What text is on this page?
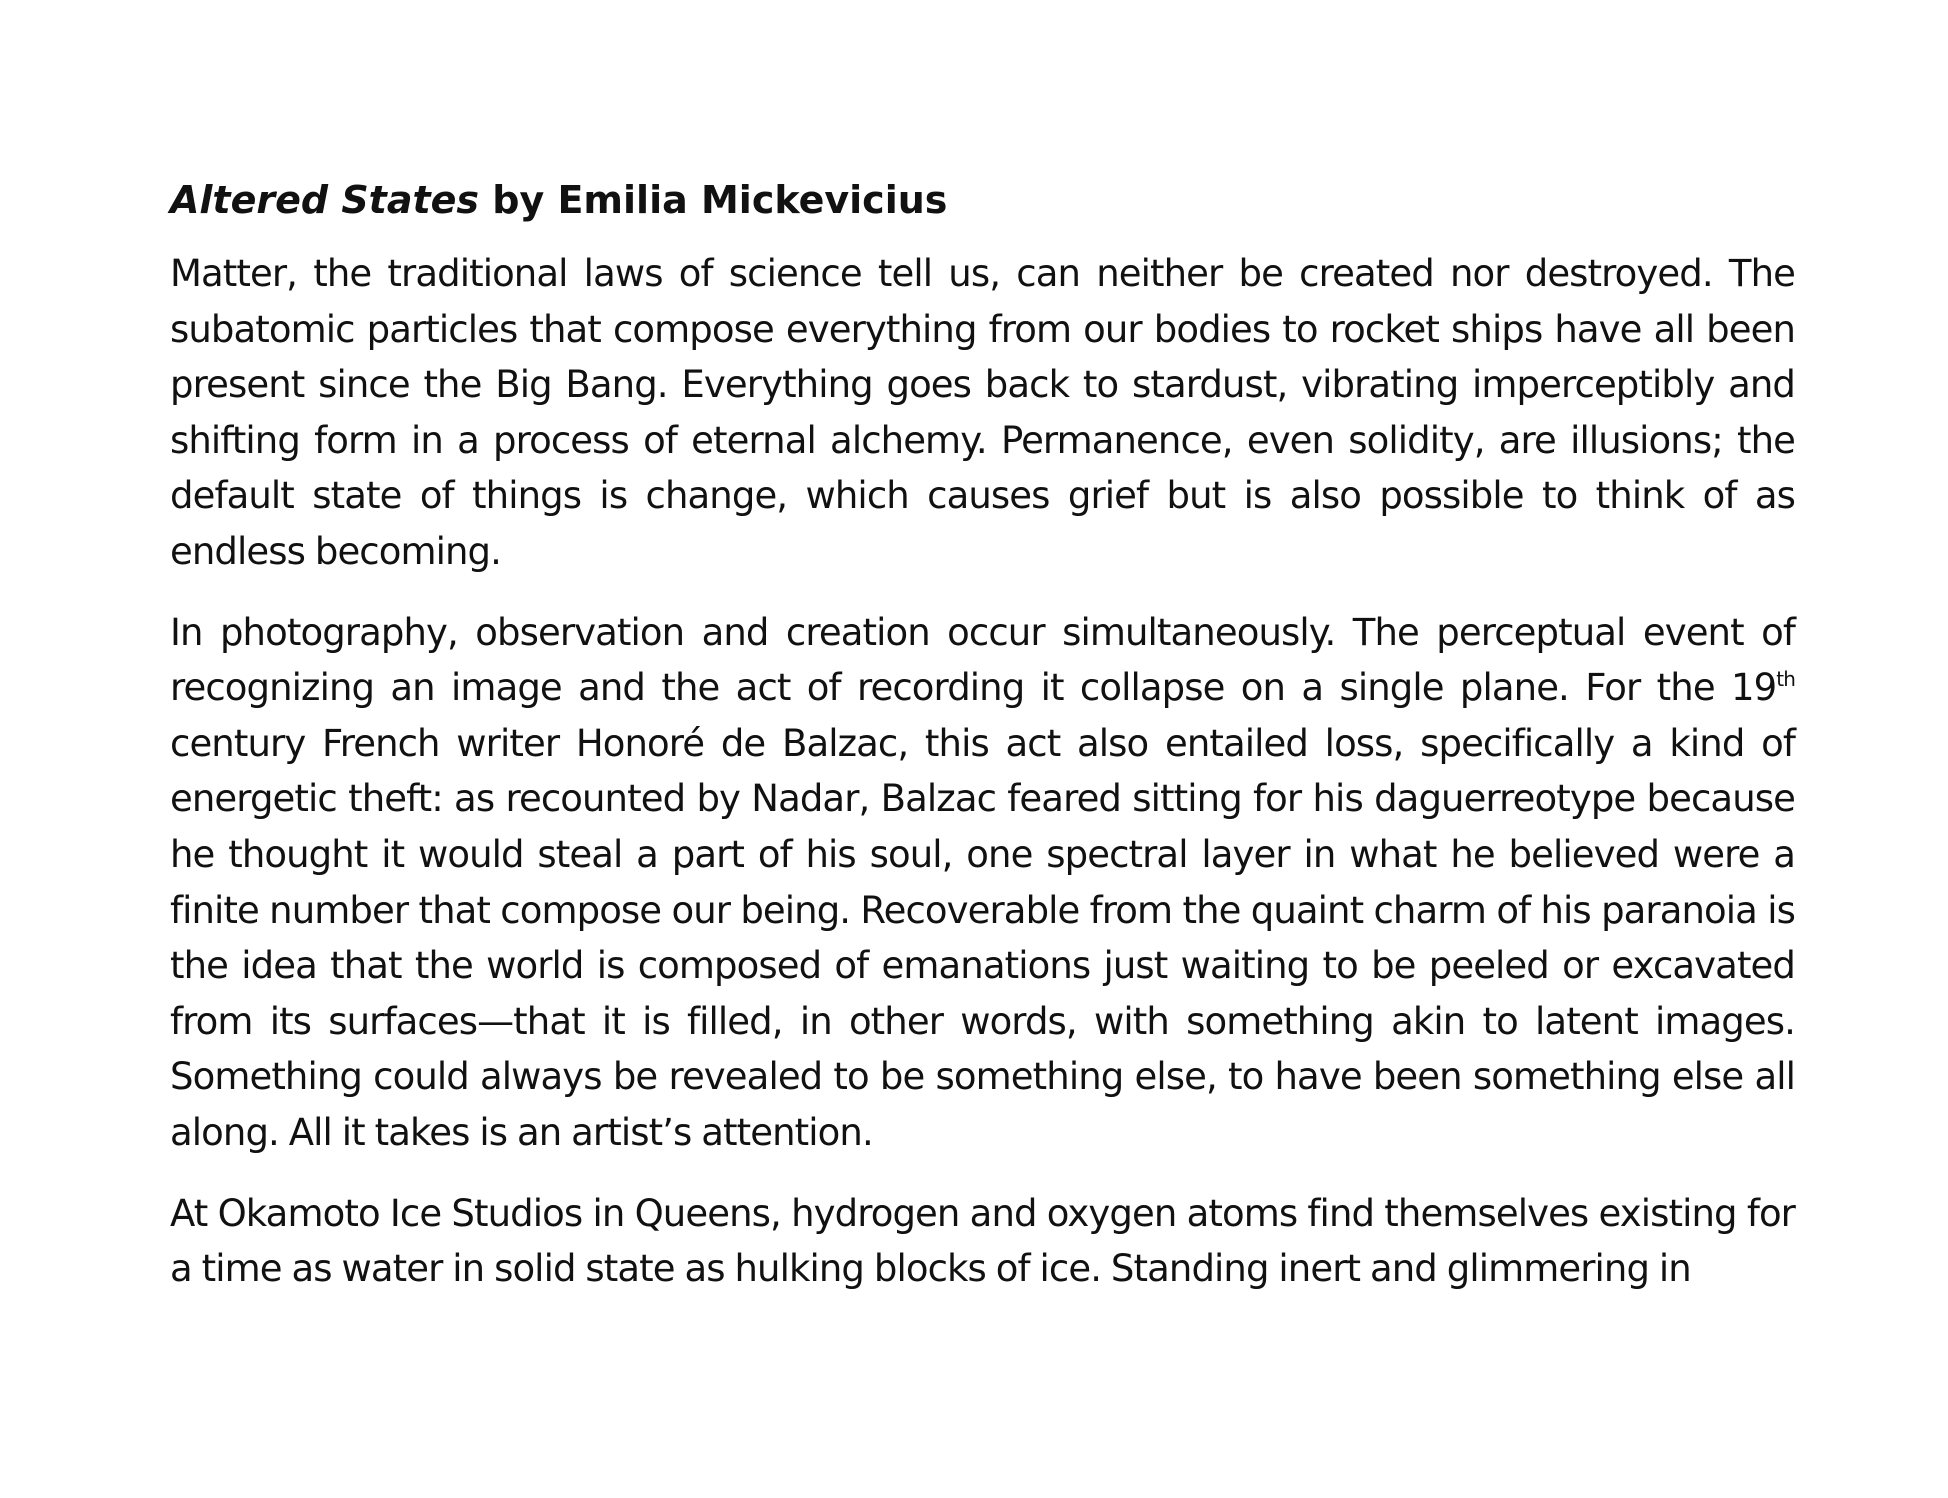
Altered States by Emilia Mickevicius

Matter, the traditional laws of science tell us, can neither be created nor destroyed. The subatomic particles that compose everything from our bodies to rocket ships have all been present since the Big Bang. Everything goes back to stardust, vibrating imperceptibly and shifting form in a process of eternal alchemy. Permanence, even solidity, are illusions; the default state of things is change, which causes grief but is also possible to think of as endless becoming.

In photography, observation and creation occur simultaneously. The perceptual event of recognizing an image and the act of recording it collapse on a single plane. For the 19th century French writer Honoré de Balzac, this act also entailed loss, specifically a kind of energetic theft: as recounted by Nadar, Balzac feared sitting for his daguerreotype because he thought it would steal a part of his soul, one spectral layer in what he believed were a finite number that compose our being. Recoverable from the quaint charm of his paranoia is the idea that the world is composed of emanations just waiting to be peeled or excavated from its surfaces—that it is filled, in other words, with something akin to latent images. Something could always be revealed to be something else, to have been something else all along. All it takes is an artist’s attention.

At Okamoto Ice Studios in Queens, hydrogen and oxygen atoms find themselves existing for a time as water in solid state as hulking blocks of ice. Standing inert and glimmering in
